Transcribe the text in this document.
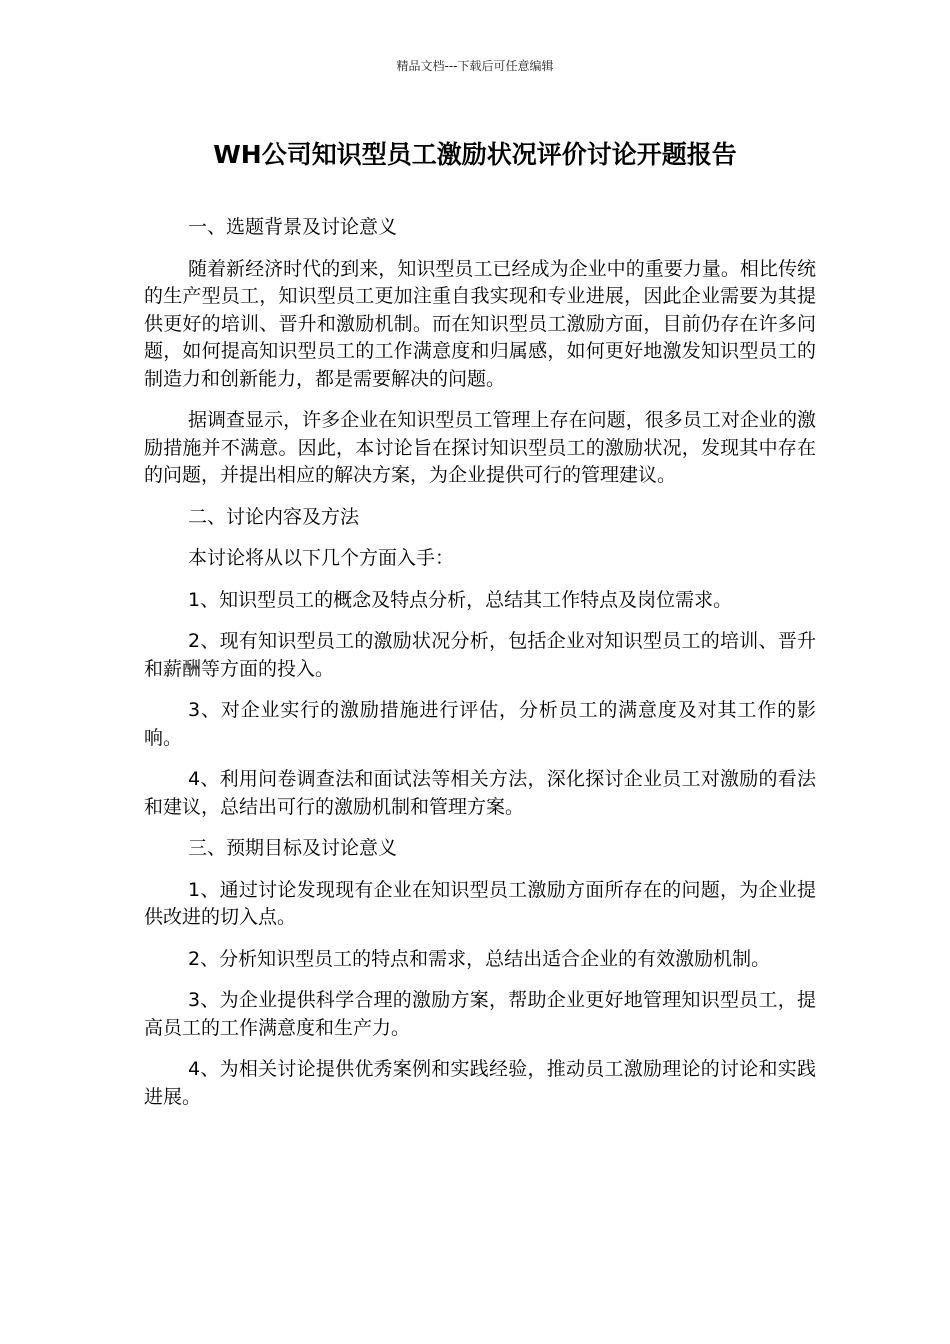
精品文档---下载后可任意编辑
WH公司知识型员工激励状况评价讨论开题报告

一、选题背景及讨论意义

随着新经济时代的到来，知识型员工已经成为企业中的重要力量。相比传统的生产型员工，知识型员工更加注重自我实现和专业进展，因此企业需要为其提供更好的培训、晋升和激励机制。而在知识型员工激励方面，目前仍存在许多问题，如何提高知识型员工的工作满意度和归属感，如何更好地激发知识型员工的制造力和创新能力，都是需要解决的问题。

据调查显示，许多企业在知识型员工管理上存在问题，很多员工对企业的激励措施并不满意。因此，本讨论旨在探讨知识型员工的激励状况，发现其中存在的问题，并提出相应的解决方案，为企业提供可行的管理建议。

二、讨论内容及方法

本讨论将从以下几个方面入手：

1、知识型员工的概念及特点分析，总结其工作特点及岗位需求。

2、现有知识型员工的激励状况分析，包括企业对知识型员工的培训、晋升和薪酬等方面的投入。

3、对企业实行的激励措施进行评估，分析员工的满意度及对其工作的影响。

4、利用问卷调查法和面试法等相关方法，深化探讨企业员工对激励的看法和建议，总结出可行的激励机制和管理方案。

三、预期目标及讨论意义

1、通过讨论发现现有企业在知识型员工激励方面所存在的问题，为企业提供改进的切入点。

2、分析知识型员工的特点和需求，总结出适合企业的有效激励机制。

3、为企业提供科学合理的激励方案，帮助企业更好地管理知识型员工，提高员工的工作满意度和生产力。

4、为相关讨论提供优秀案例和实践经验，推动员工激励理论的讨论和实践进展。
